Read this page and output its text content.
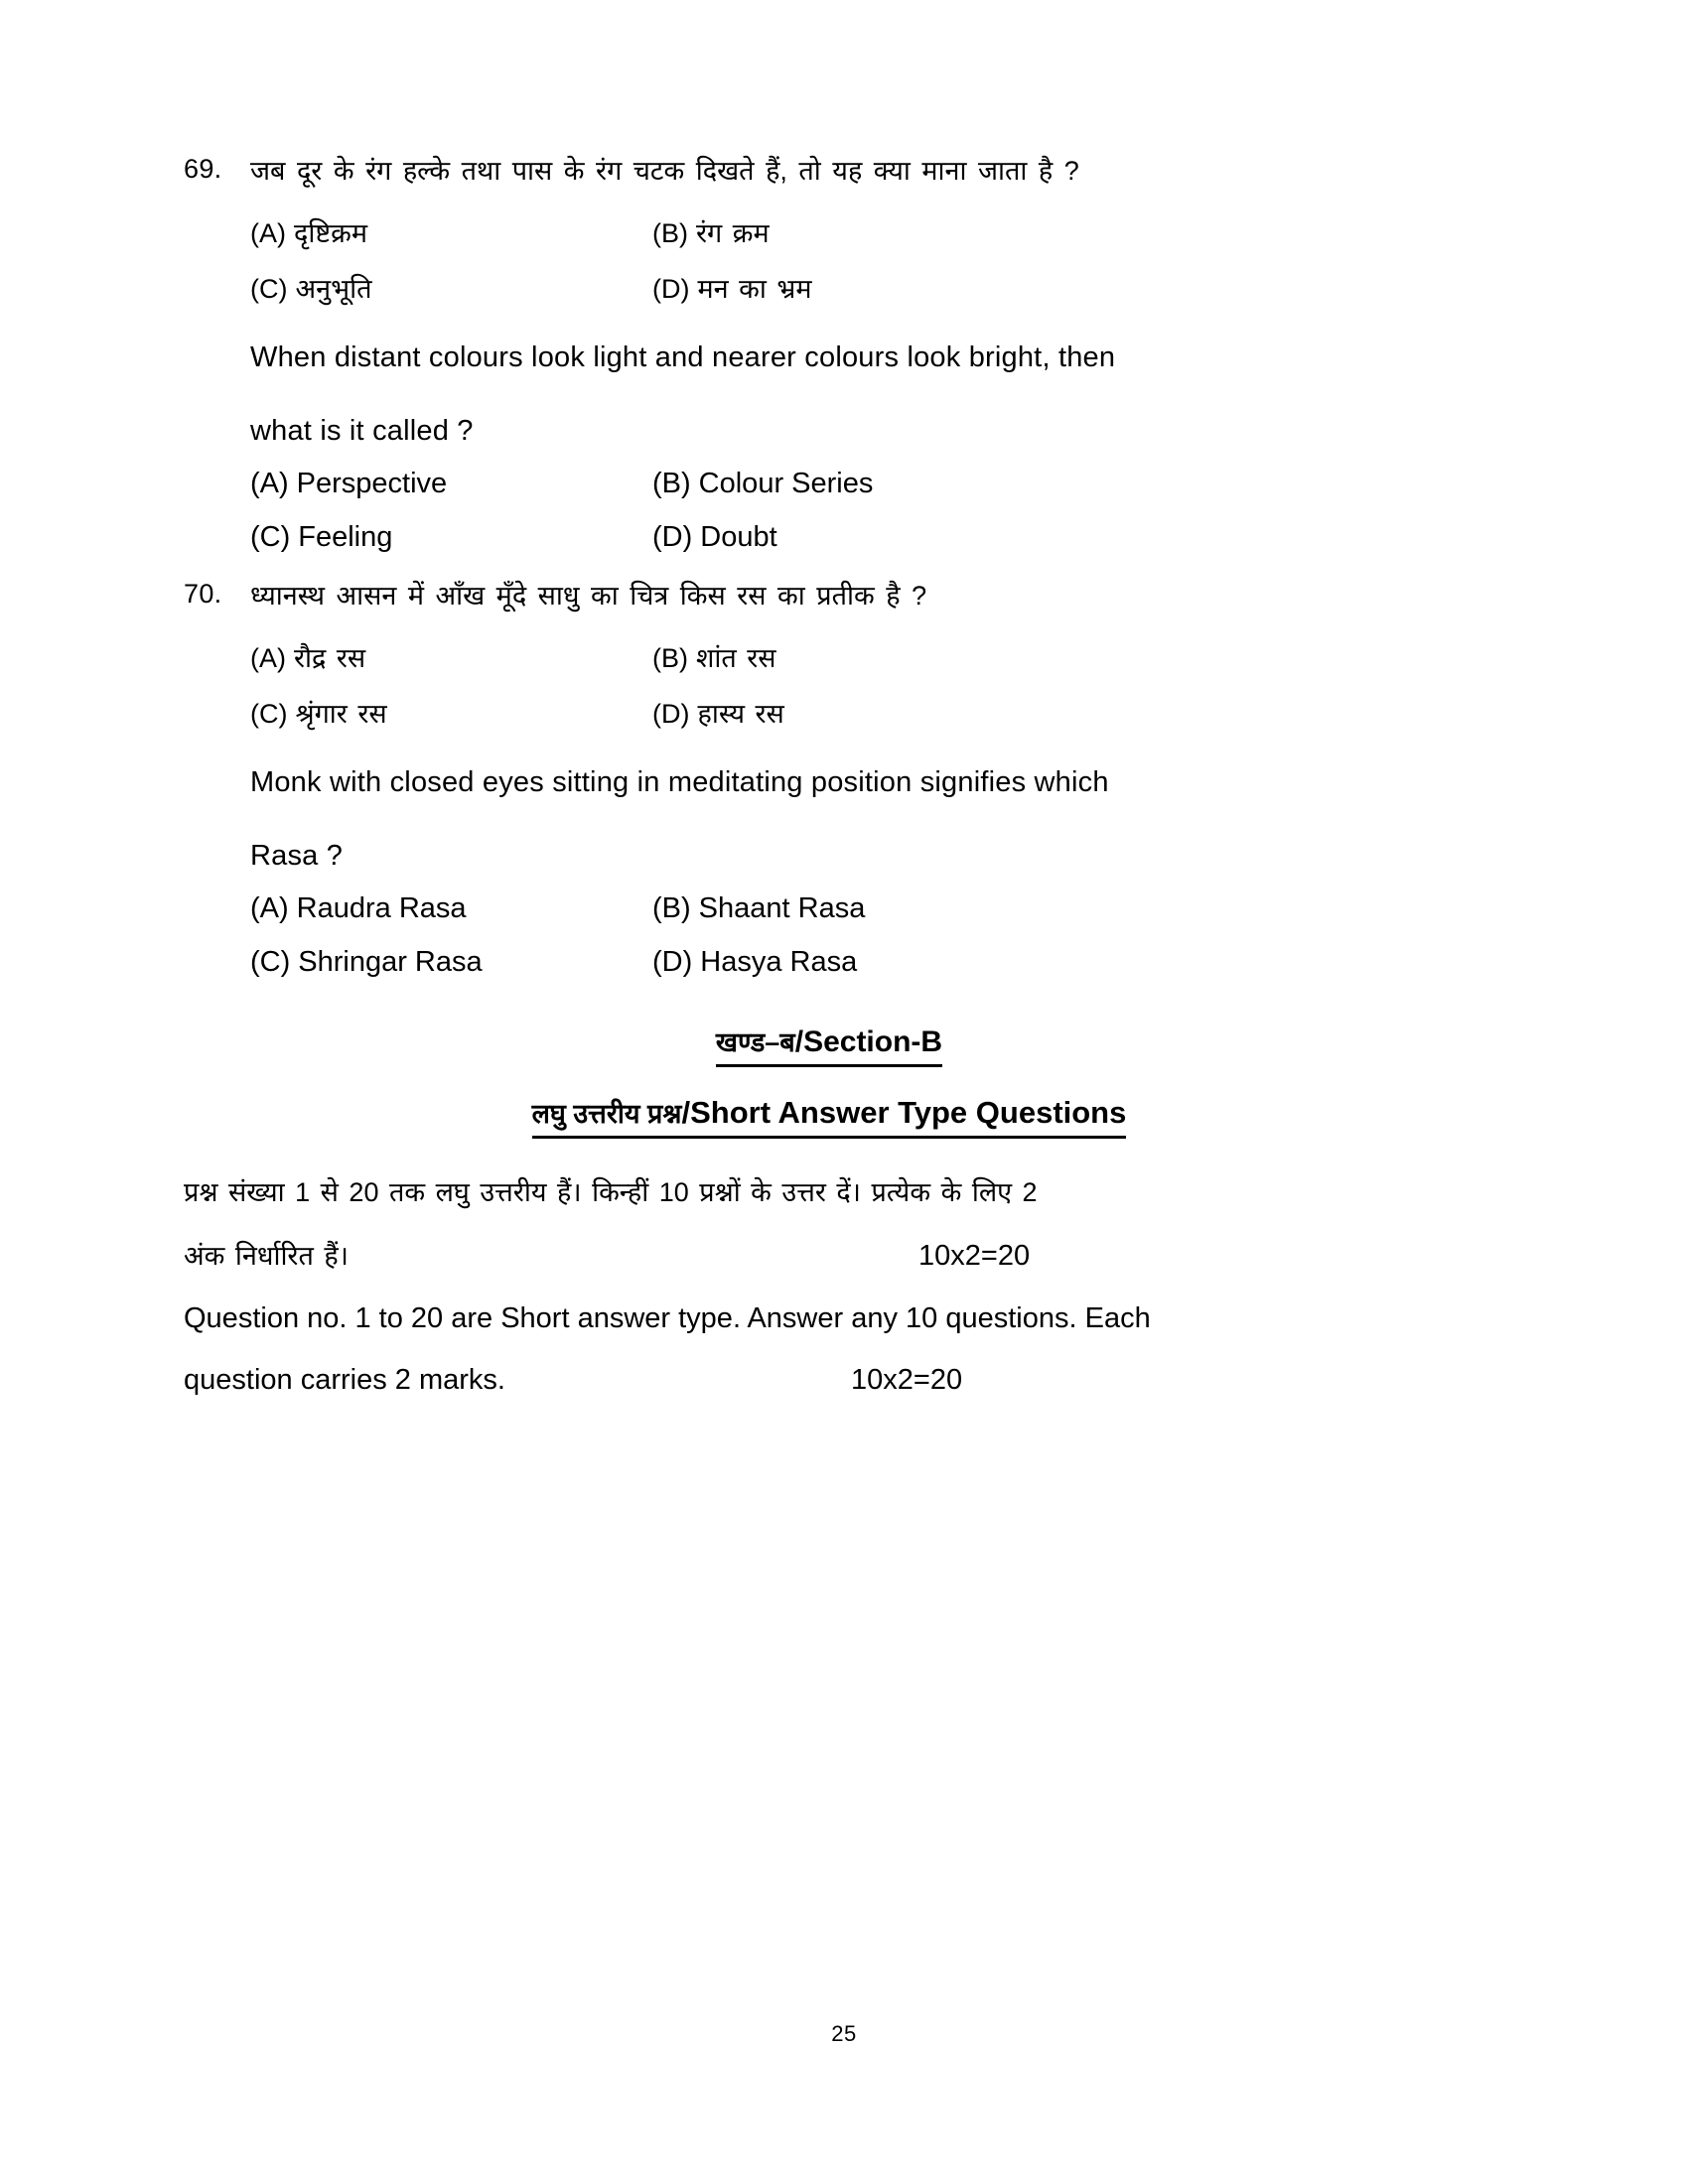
69.	जब दूर के रंग हल्के तथा पास के रंग चटक दिखते हैं, तो यह क्या माना जाता है ?
(A) दृष्टिक्रम	(B) रंग क्रम
(C) अनुभूति	(D) मन का भ्रम
When distant colours look light and nearer colours look bright, then
what is it called ?
(A) Perspective	(B) Colour Series
(C) Feeling	(D) Doubt
70.	ध्यानस्थ आसन में आँख मूँदे साधु का चित्र किस रस का प्रतीक है ?
(A) रौद्र रस	(B) शांत रस
(C) श्रृंगार रस	(D) हास्य रस
Monk with closed eyes sitting in meditating position signifies which
Rasa ?
(A) Raudra Rasa	(B) Shaant Rasa
(C) Shringar Rasa	(D) Hasya Rasa
खण्ड–ब/Section-B
लघु उत्तरीय प्रश्न/Short Answer Type Questions
प्रश्न संख्या 1 से 20 तक लघु उत्तरीय हैं। किन्हीं 10 प्रश्नों के उत्तर दें। प्रत्येक के लिए 2
अंक निर्धारित हैं।	10x2=20
Question no. 1 to 20 are Short answer type. Answer any 10 questions. Each
question carries 2 marks.	10x2=20
25
